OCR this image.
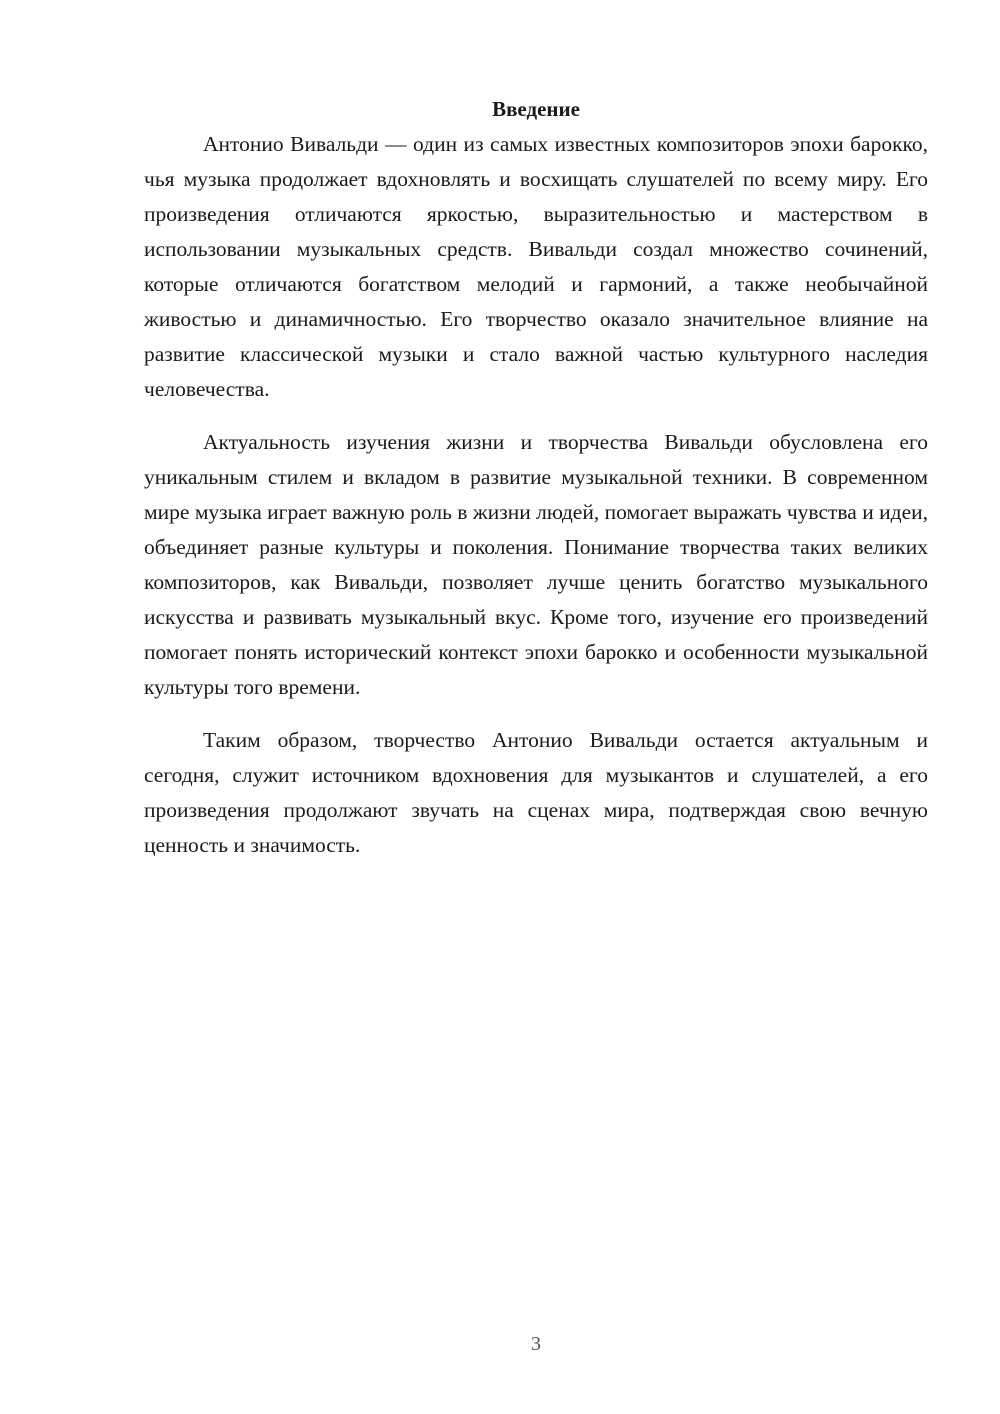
Введение

Антонио Вивальди — один из самых известных композиторов эпохи барокко, чья музыка продолжает вдохновлять и восхищать слушателей по всему миру. Его произведения отличаются яркостью, выразительностью и мастерством в использовании музыкальных средств. Вивальди создал множество сочинений, которые отличаются богатством мелодий и гармоний, а также необычайной живостью и динамичностью. Его творчество оказало значительное влияние на развитие классической музыки и стало важной частью культурного наследия человечества.

Актуальность изучения жизни и творчества Вивальди обусловлена его уникальным стилем и вкладом в развитие музыкальной техники. В современном мире музыка играет важную роль в жизни людей, помогает выражать чувства и идеи, объединяет разные культуры и поколения. Понимание творчества таких великих композиторов, как Вивальди, позволяет лучше ценить богатство музыкального искусства и развивать музыкальный вкус. Кроме того, изучение его произведений помогает понять исторический контекст эпохи барокко и особенности музыкальной культуры того времени.

Таким образом, творчество Антонио Вивальди остается актуальным и сегодня, служит источником вдохновения для музыкантов и слушателей, а его произведения продолжают звучать на сценах мира, подтверждая свою вечную ценность и значимость.

3
